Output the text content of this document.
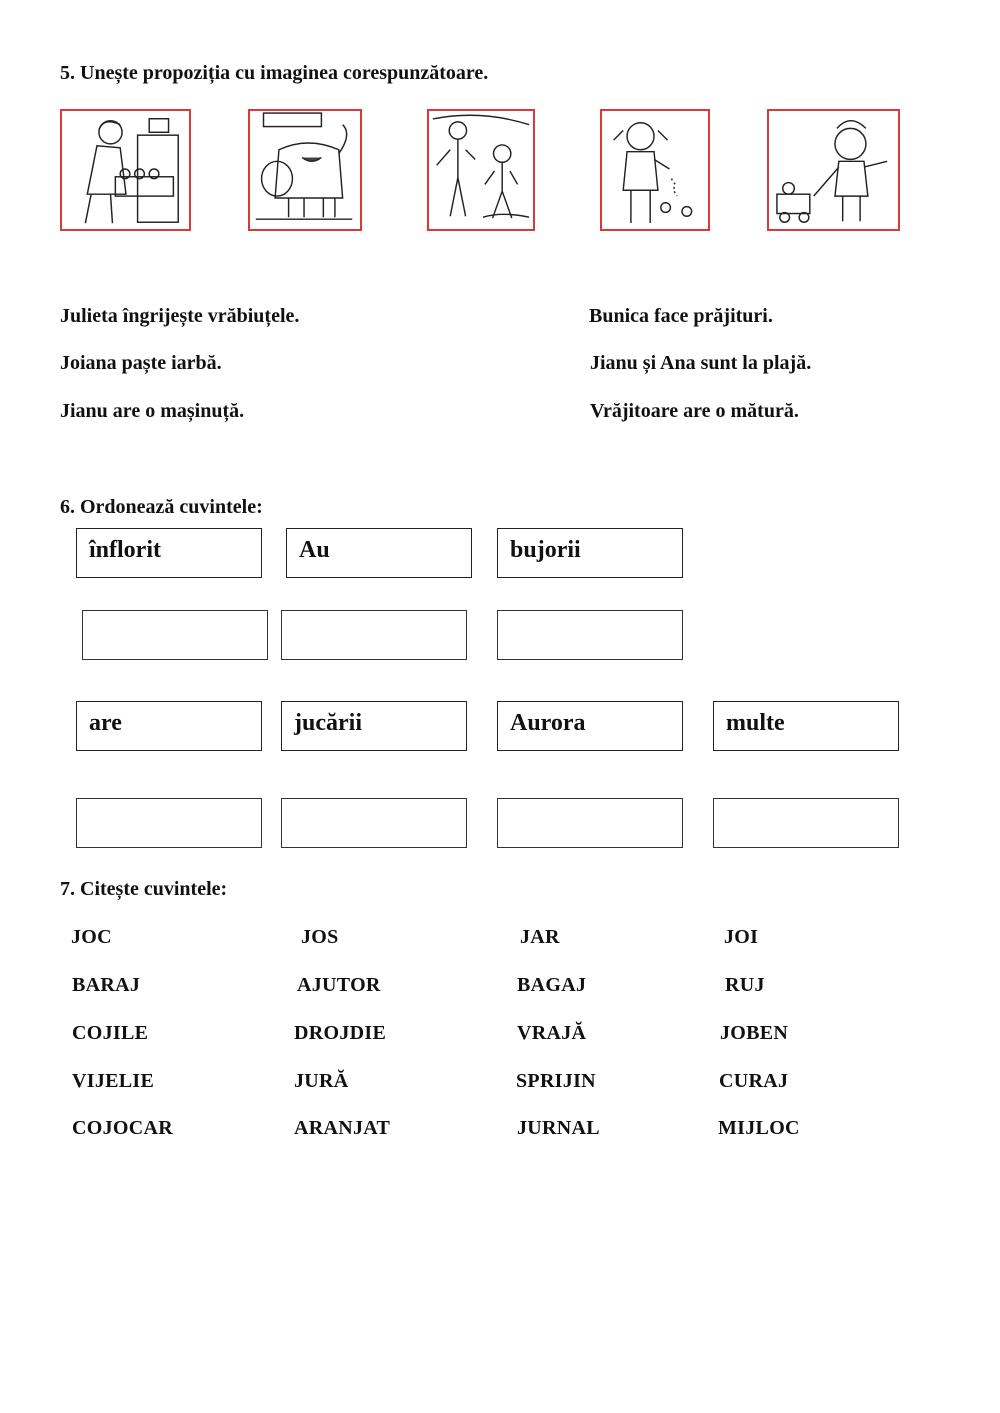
5. Unește propoziția cu imaginea corespunzătoare.
Julieta îngrijește vrăbiuțele.
Joiana paște iarbă.
Jianu are o mașinuță.
Bunica face prăjituri.
Jianu și Ana sunt la plajă.
Vrăjitoare are o mătură.
6. Ordonează cuvintele:
înflorit	Au	bujorii
are	jucării	Aurora	multe
7. Citește cuvintele:
JOC	JOS	JAR	JOI
BARAJ	AJUTOR	BAGAJ	RUJ
COJILE	DROJDIE	VRAJĂ	JOBEN
VIJELIE	JURĂ	SPRIJIN	CURAJ
COJOCAR	ARANJAT	JURNAL	MIJLOC
